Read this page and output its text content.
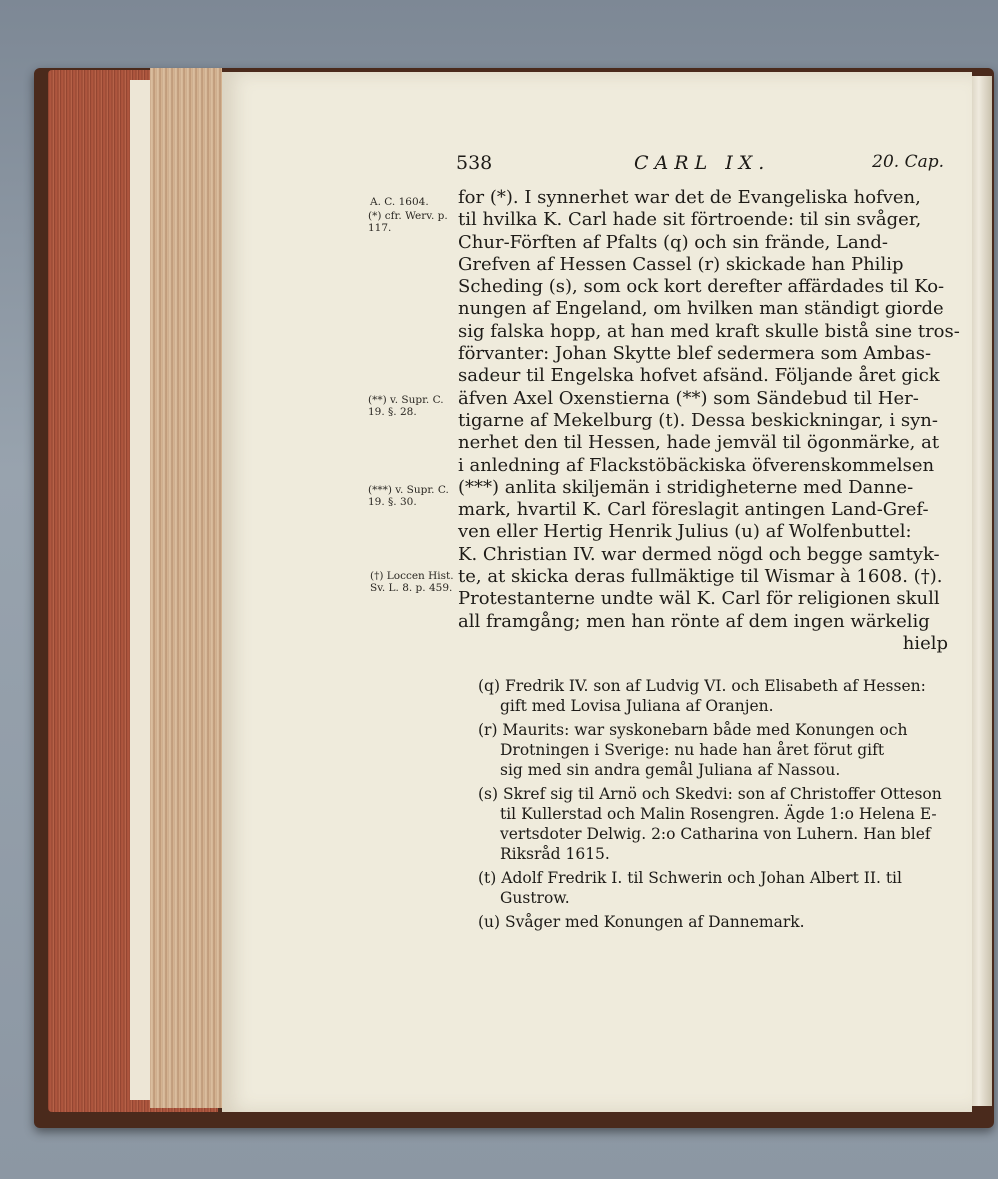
538	CARL IX.	20. Cap.
A. C. 1604.
(*) cfr. Werv. p. 117.
(**) v. Supr. C. 19. §. 28.
(***) v. Supr. C. 19. §. 30.
(†) Loccen Hist. Sv. L. 8. p. 459.
for (*). I synnerhet war det de Evangeliska hofven,
til hvilka K. Carl hade sit förtroende: til sin svåger,
Chur-Förften af Pfalts (q) och sin frände, Land-
Grefven af Hessen Cassel (r) skickade han Philip
Scheding (s), som ock kort derefter affärdades til Ko-
nungen af Engeland, om hvilken man ständigt giorde
sig falska hopp, at han med kraft skulle bistå sine tros-
förvanter: Johan Skytte blef sedermera som Ambas-
sadeur til Engelska hofvet afsänd. Följande året gick
äfven Axel Oxenstierna (**) som Sändebud til Her-
tigarne af Mekelburg (t). Dessa beskickningar, i syn-
nerhet den til Hessen, hade jemväl til ögonmärke, at
i anledning af Flackstöbäckiska öfverenskommelsen
(***) anlita skiljemän i stridigheterne med Danne-
mark, hvartil K. Carl föreslagit antingen Land-Gref-
ven eller Hertig Henrik Julius (u) af Wolfenbuttel:
K. Christian IV. war dermed nögd och begge samtyk-
te, at skicka deras fullmäktige til Wismar à 1608. (†).
Protestanterne undte wäl K. Carl för religionen skull
all framgång; men han rönte af dem ingen wärkelig
hielp
(q) Fredrik IV. son af Ludvig VI. och Elisabeth af Hessen:
gift med Lovisa Juliana af Oranjen.
(r) Maurits: war syskonebarn både med Konungen och
Drotningen i Sverige: nu hade han året förut gift
sig med sin andra gemål Juliana af Nassou.
(s) Skref sig til Arnö och Skedvi: son af Christoffer Otteson
til Kullerstad och Malin Rosengren. Ägde 1:o Helena E-
vertsdoter Delwig. 2:o Catharina von Luhern. Han blef
Riksråd 1615.
(t) Adolf Fredrik I. til Schwerin och Johan Albert II. til
Gustrow.
(u) Svåger med Konungen af Dannemark.
